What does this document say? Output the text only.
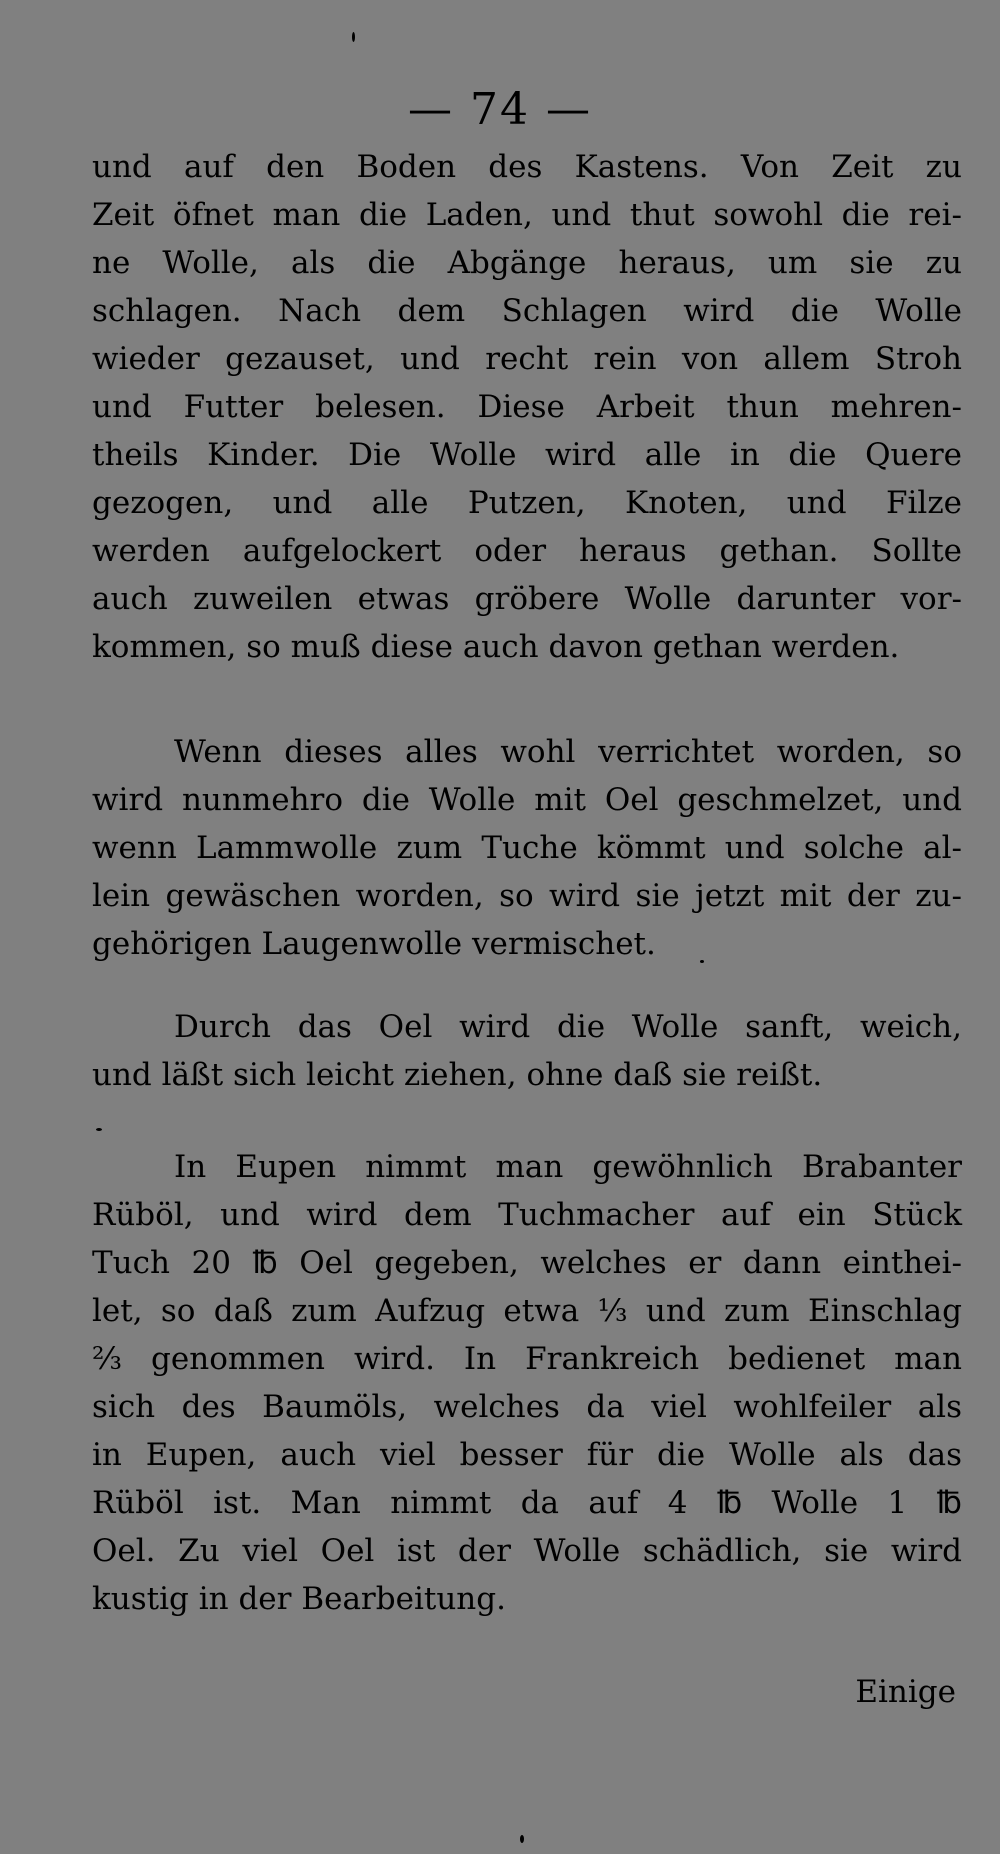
— 74 —
und auf den Boden des Kastens. Von Zeit zu
Zeit öfnet man die Laden, und thut sowohl die rei-
ne Wolle, als die Abgänge heraus, um sie zu
schlagen. Nach dem Schlagen wird die Wolle
wieder gezauset, und recht rein von allem Stroh
und Futter belesen. Diese Arbeit thun mehren-
theils Kinder. Die Wolle wird alle in die Quere
gezogen, und alle Putzen, Knoten, und Filze
werden aufgelockert oder heraus gethan. Sollte
auch zuweilen etwas gröbere Wolle darunter vor-
kommen, so muß diese auch davon gethan werden.
Wenn dieses alles wohl verrichtet worden, so
wird nunmehro die Wolle mit Oel geschmelzet, und
wenn Lammwolle zum Tuche kömmt und solche al-
lein gewäschen worden, so wird sie jetzt mit der zu-
gehörigen Laugenwolle vermischet.
Durch das Oel wird die Wolle sanft, weich,
und läßt sich leicht ziehen, ohne daß sie reißt.
In Eupen nimmt man gewöhnlich Brabanter
Rüböl, und wird dem Tuchmacher auf ein Stück
Tuch 20 ℔ Oel gegeben, welches er dann einthei-
let, so daß zum Aufzug etwa ⅓ und zum Einschlag
⅔ genommen wird. In Frankreich bedienet man
sich des Baumöls, welches da viel wohlfeiler als
in Eupen, auch viel besser für die Wolle als das
Rüböl ist. Man nimmt da auf 4 ℔ Wolle 1 ℔
Oel. Zu viel Oel ist der Wolle schädlich, sie wird
kustig in der Bearbeitung.
Einige
